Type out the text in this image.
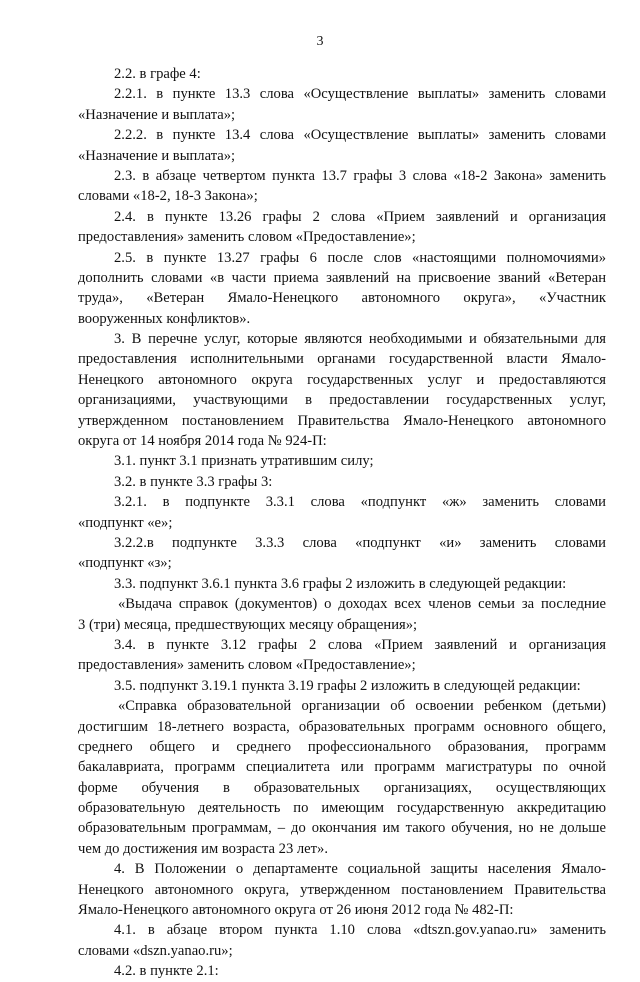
3
2.2. в графе 4:
2.2.1. в пункте 13.3 слова «Осуществление выплаты» заменить словами
«Назначение и выплата»;
2.2.2. в пункте 13.4 слова «Осуществление выплаты» заменить словами
«Назначение и выплата»;
2.3. в абзаце четвертом пункта 13.7 графы 3 слова «18-2 Закона» заменить
словами «18-2, 18-3 Закона»;
2.4. в пункте 13.26 графы 2 слова «Прием заявлений и организация
предоставления» заменить словом «Предоставление»;
2.5. в пункте 13.27 графы 6 после слов «настоящими полномочиями»
дополнить словами «в части приема заявлений на присвоение званий «Ветеран
труда», «Ветеран Ямало-Ненецкого автономного округа», «Участник
вооруженных конфликтов».
3. В перечне услуг, которые являются необходимыми и обязательными для
предоставления исполнительными органами государственной власти Ямало-
Ненецкого автономного округа государственных услуг и предоставляются
организациями, участвующими в предоставлении государственных услуг,
утвержденном постановлением Правительства Ямало-Ненецкого автономного
округа от 14 ноября 2014 года № 924-П:
3.1. пункт 3.1 признать утратившим силу;
3.2. в пункте 3.3 графы 3:
3.2.1. в подпункте 3.3.1 слова «подпункт «ж» заменить словами
«подпункт «е»;
3.2.2.в подпункте 3.3.3 слова «подпункт «и» заменить словами
«подпункт «з»;
3.3. подпункт 3.6.1 пункта 3.6 графы 2 изложить в следующей редакции:
«Выдача справок (документов) о доходах всех членов семьи за последние
3 (три) месяца, предшествующих месяцу обращения»;
3.4. в пункте 3.12 графы 2 слова «Прием заявлений и организация
предоставления» заменить словом «Предоставление»;
3.5. подпункт 3.19.1 пункта 3.19 графы 2 изложить в следующей редакции:
«Справка образовательной организации об освоении ребенком (детьми)
достигшим 18-летнего возраста, образовательных программ основного общего,
среднего общего и среднего профессионального образования, программ
бакалавриата, программ специалитета или программ магистратуры по очной
форме обучения в образовательных организациях, осуществляющих
образовательную деятельность по имеющим государственную аккредитацию
образовательным программам, – до окончания им такого обучения, но не дольше
чем до достижения им возраста 23 лет».
4. В Положении о департаменте социальной защиты населения Ямало-
Ненецкого автономного округа, утвержденном постановлением Правительства
Ямало-Ненецкого автономного округа от 26 июня 2012 года № 482-П:
4.1. в абзаце втором пункта 1.10 слова «dtszn.gov.yanao.ru» заменить
словами «dszn.yanao.ru»;
4.2. в пункте 2.1:
